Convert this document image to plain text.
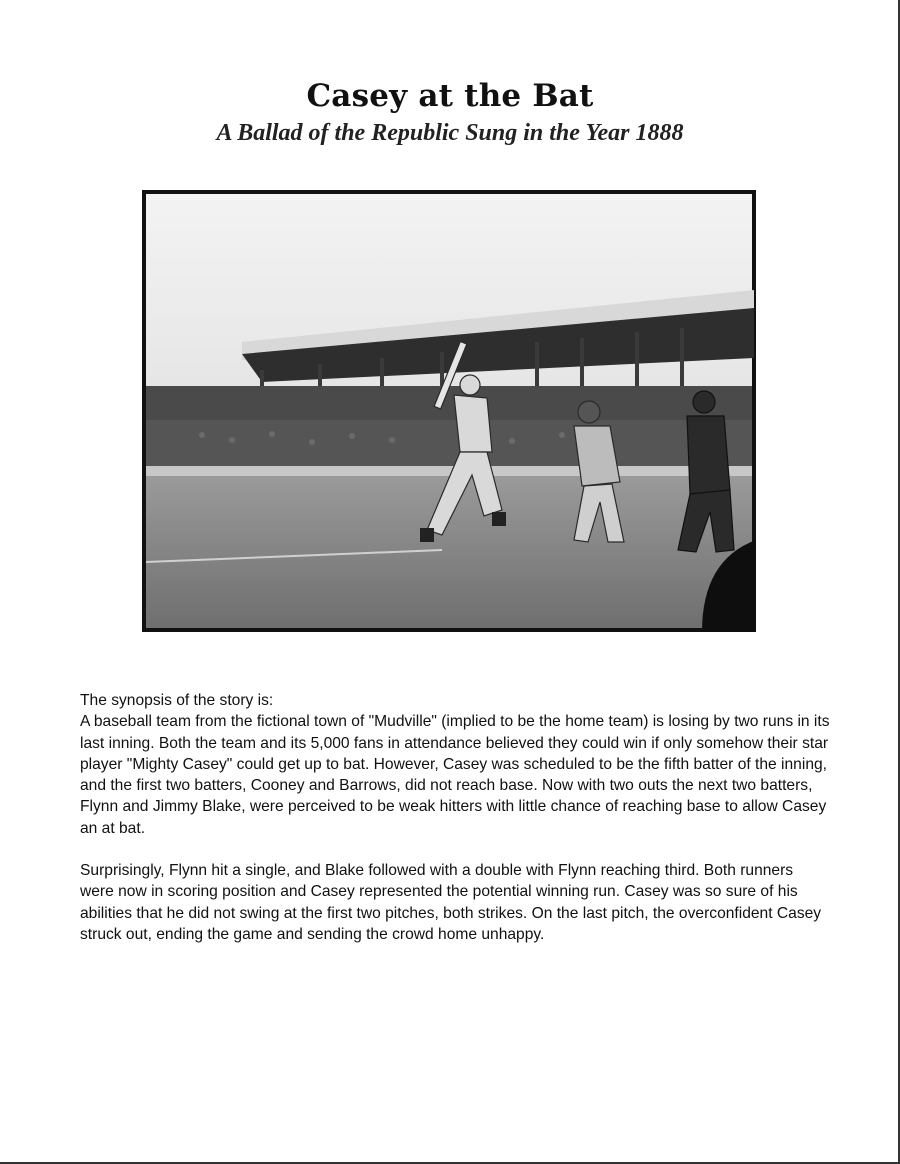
Casey at the Bat
A Ballad of the Republic Sung in the Year 1888

The synopsis of the story is:

A baseball team from the fictional town of "Mudville" (implied to be the home team) is losing by two runs in its last inning. Both the team and its 5,000 fans in attendance believed they could win if only somehow their star player "Mighty Casey" could get up to bat. However, Casey was scheduled to be the fifth batter of the inning, and the first two batters, Cooney and Barrows, did not reach base. Now with two outs the next two batters, Flynn and Jimmy Blake, were perceived to be weak hitters with little chance of reaching base to allow Casey an at bat.

Surprisingly, Flynn hit a single, and Blake followed with a double with Flynn reaching third. Both runners were now in scoring position and Casey represented the potential winning run. Casey was so sure of his abilities that he did not swing at the first two pitches, both strikes. On the last pitch, the overconfident Casey struck out, ending the game and sending the crowd home unhappy.
